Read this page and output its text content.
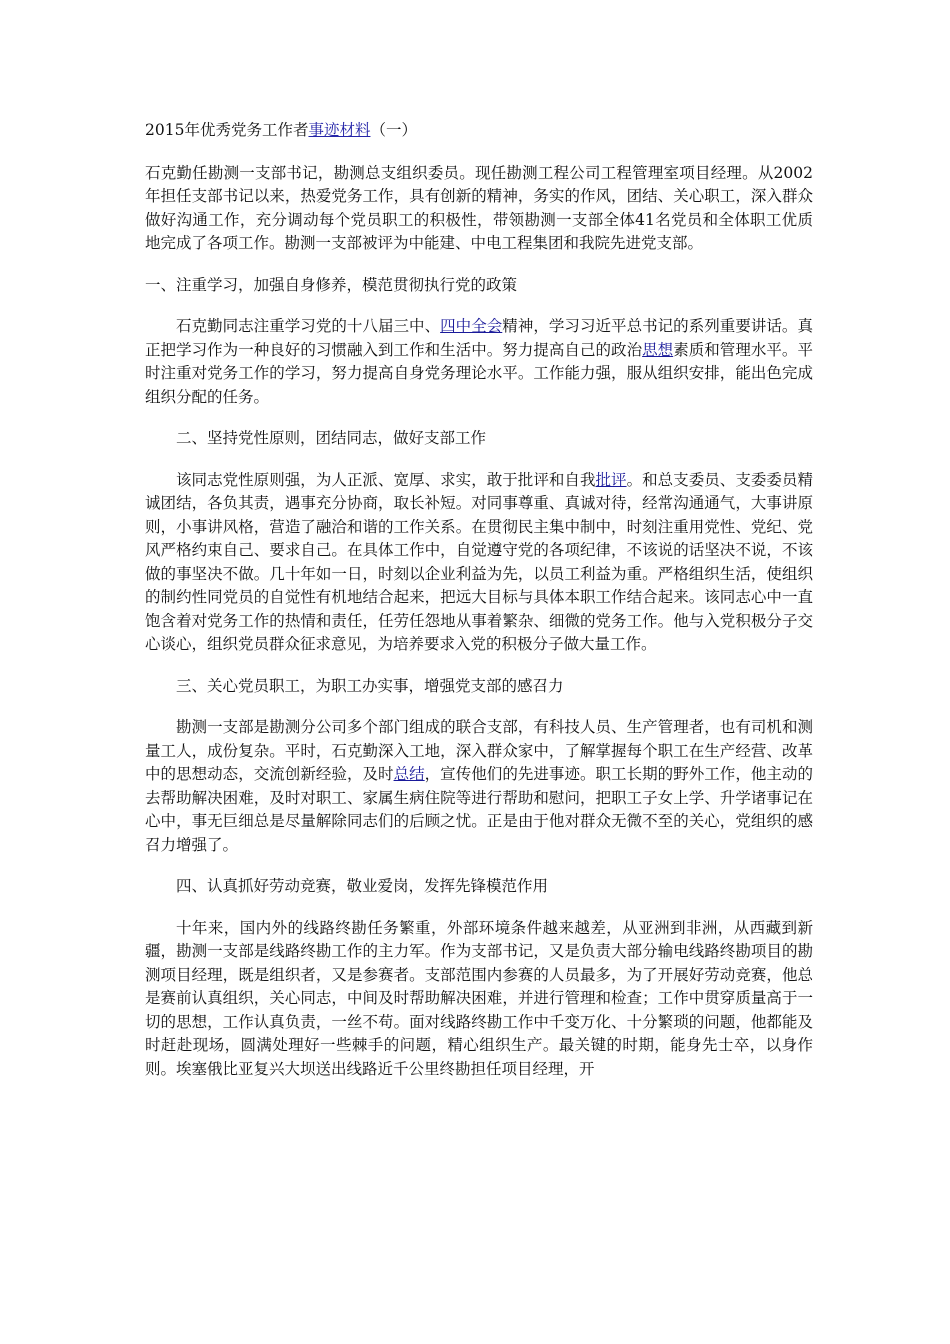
2015年优秀党务工作者事迹材料（一）

石克勤任勘测一支部书记，勘测总支组织委员。现任勘测工程公司工程管理室项目经理。从2002年担任支部书记以来，热爱党务工作，具有创新的精神，务实的作风，团结、关心职工，深入群众做好沟通工作，充分调动每个党员职工的积极性，带领勘测一支部全体41名党员和全体职工优质地完成了各项工作。勘测一支部被评为中能建、中电工程集团和我院先进党支部。

一、注重学习，加强自身修养，模范贯彻执行党的政策

石克勤同志注重学习党的十八届三中、四中全会精神，学习习近平总书记的系列重要讲话。真正把学习作为一种良好的习惯融入到工作和生活中。努力提高自己的政治思想素质和管理水平。平时注重对党务工作的学习，努力提高自身党务理论水平。工作能力强，服从组织安排，能出色完成组织分配的任务。

二、坚持党性原则，团结同志，做好支部工作

该同志党性原则强，为人正派、宽厚、求实，敢于批评和自我批评。和总支委员、支委委员精诚团结，各负其责，遇事充分协商，取长补短。对同事尊重、真诚对待，经常沟通通气，大事讲原则，小事讲风格，营造了融洽和谐的工作关系。在贯彻民主集中制中，时刻注重用党性、党纪、党风严格约束自己、要求自己。在具体工作中，自觉遵守党的各项纪律，不该说的话坚决不说，不该做的事坚决不做。几十年如一日，时刻以企业利益为先，以员工利益为重。严格组织生活，使组织的制约性同党员的自觉性有机地结合起来，把远大目标与具体本职工作结合起来。该同志心中一直饱含着对党务工作的热情和责任，任劳任怨地从事着繁杂、细微的党务工作。他与入党积极分子交心谈心，组织党员群众征求意见，为培养要求入党的积极分子做大量工作。

三、关心党员职工，为职工办实事，增强党支部的感召力

勘测一支部是勘测分公司多个部门组成的联合支部，有科技人员、生产管理者，也有司机和测量工人，成份复杂。平时，石克勤深入工地，深入群众家中，了解掌握每个职工在生产经营、改革中的思想动态，交流创新经验，及时总结，宣传他们的先进事迹。职工长期的野外工作，他主动的去帮助解决困难，及时对职工、家属生病住院等进行帮助和慰问，把职工子女上学、升学诸事记在心中，事无巨细总是尽量解除同志们的后顾之忧。正是由于他对群众无微不至的关心，党组织的感召力增强了。

四、认真抓好劳动竞赛，敬业爱岗，发挥先锋模范作用

十年来，国内外的线路终勘任务繁重，外部环境条件越来越差，从亚洲到非洲，从西藏到新疆，勘测一支部是线路终勘工作的主力军。作为支部书记，又是负责大部分输电线路终勘项目的勘测项目经理，既是组织者，又是参赛者。支部范围内参赛的人员最多，为了开展好劳动竞赛，他总是赛前认真组织，关心同志，中间及时帮助解决困难，并进行管理和检查；工作中贯穿质量高于一切的思想，工作认真负责，一丝不苟。面对线路终勘工作中千变万化、十分繁琐的问题，他都能及时赶赴现场，圆满处理好一些棘手的问题，精心组织生产。最关键的时期，能身先士卒，以身作则。埃塞俄比亚复兴大坝送出线路近千公里终勘担任项目经理，开
